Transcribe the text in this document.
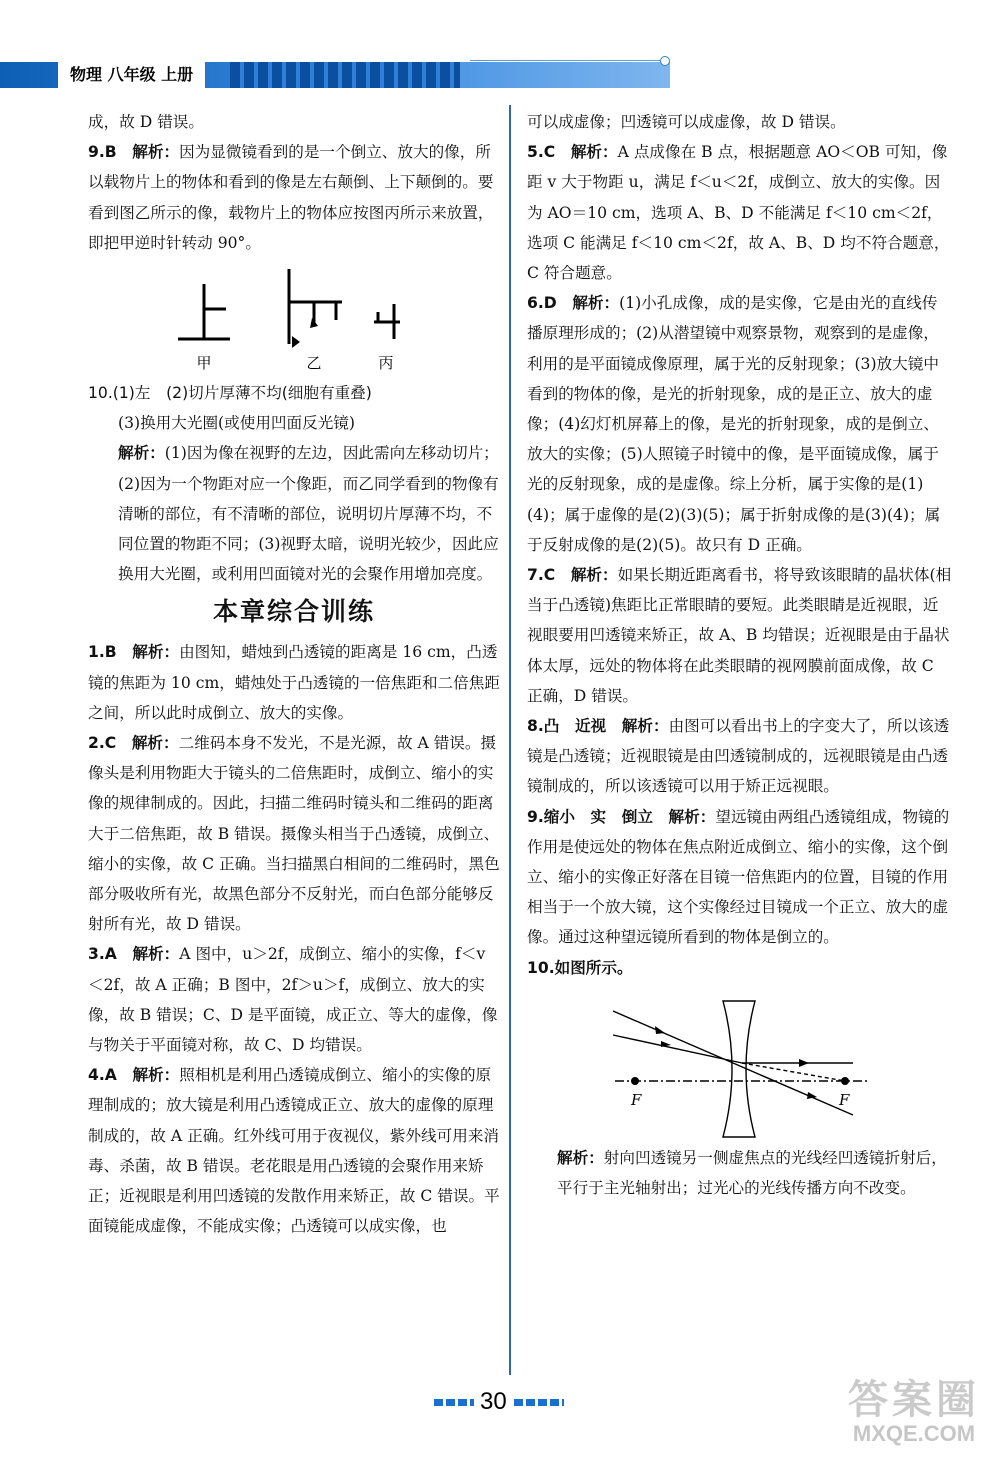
物理 八年级 上册

成，故 D 错误。

9.B　 解析：因为显微镜看到的是一个倒立、放大的像，所以载物片上的物体和看到的像是左右颠倒、上下颠倒的。要看到图乙所示的像，载物片上的物体应按图丙所示来放置，即把甲逆时针转动 90°。

甲	乙	丙

10.(1)左　(2)切片厚薄不均(细胞有重叠)

(3)换用大光圈(或使用凹面反光镜)

解析：(1)因为像在视野的左边，因此需向左移动切片；(2)因为一个物距对应一个像距，而乙同学看到的物像有清晰的部位，有不清晰的部位，说明切片厚薄不均，不同位置的物距不同；(3)视野太暗，说明光较少，因此应换用大光圈，或利用凹面镜对光的会聚作用增加亮度。

本章综合训练

1.B　 解析：由图知，蜡烛到凸透镜的距离是 16 cm，凸透镜的焦距为 10 cm，蜡烛处于凸透镜的一倍焦距和二倍焦距之间，所以此时成倒立、放大的实像。

2.C　 解析：二维码本身不发光，不是光源，故 A 错误。摄像头是利用物距大于镜头的二倍焦距时，成倒立、缩小的实像的规律制成的。因此，扫描二维码时镜头和二维码的距离大于二倍焦距，故 B 错误。摄像头相当于凸透镜，成倒立、缩小的实像，故 C 正确。当扫描黑白相间的二维码时，黑色部分吸收所有光，故黑色部分不反射光，而白色部分能够反射所有光，故 D 错误。

3.A　 解析：A 图中，u＞2f，成倒立、缩小的实像，f＜v＜2f，故 A 正确；B 图中，2f＞u＞f，成倒立、放大的实像，故 B 错误；C、D 是平面镜，成正立、等大的虚像，像与物关于平面镜对称，故 C、D 均错误。

4.A　 解析：照相机是利用凸透镜成倒立、缩小的实像的原理制成的；放大镜是利用凸透镜成正立、放大的虚像的原理制成的，故 A 正确。红外线可用于夜视仪，紫外线可用来消毒、杀菌，故 B 错误。老花眼是用凸透镜的会聚作用来矫正；近视眼是利用凹透镜的发散作用来矫正，故 C 错误。平面镜能成虚像，不能成实像；凸透镜可以成实像，也

可以成虚像；凹透镜可以成虚像，故 D 错误。

5.C　 解析：A 点成像在 B 点，根据题意 AO＜OB 可知，像距 v 大于物距 u，满足 f＜u＜2f，成倒立、放大的实像。因为 AO＝10 cm，选项 A、B、D 不能满足 f＜10 cm＜2f，选项 C 能满足 f＜10 cm＜2f，故 A、B、D 均不符合题意，C 符合题意。

6.D　 解析：(1)小孔成像，成的是实像，它是由光的直线传播原理形成的；(2)从潜望镜中观察景物，观察到的是虚像，利用的是平面镜成像原理，属于光的反射现象；(3)放大镜中看到的物体的像，是光的折射现象，成的是正立、放大的虚像；(4)幻灯机屏幕上的像，是光的折射现象，成的是倒立、放大的实像；(5)人照镜子时镜中的像，是平面镜成像，属于光的反射现象，成的是虚像。综上分析，属于实像的是(1)(4)；属于虚像的是(2)(3)(5)；属于折射成像的是(3)(4)；属于反射成像的是(2)(5)。故只有 D 正确。

7.C　 解析：如果长期近距离看书，将导致该眼睛的晶状体(相当于凸透镜)焦距比正常眼睛的要短。此类眼睛是近视眼，近视眼要用凹透镜来矫正，故 A、B 均错误；近视眼是由于晶状体太厚，远处的物体将在此类眼睛的视网膜前面成像，故 C 正确，D 错误。

8.凸　近视　 解析：由图可以看出书上的字变大了，所以该透镜是凸透镜；近视眼镜是由凹透镜制成的，远视眼镜是由凸透镜制成的，所以该透镜可以用于矫正远视眼。

9.缩小　实　倒立　 解析：望远镜由两组凸透镜组成，物镜的作用是使远处的物体在焦点附近成倒立、缩小的实像，这个倒立、缩小的实像正好落在目镜一倍焦距内的位置，目镜的作用相当于一个放大镜，这个实像经过目镜成一个正立、放大的虚像。通过这种望远镜所看到的物体是倒立的。

10.如图所示。

F	F

解析：射向凹透镜另一侧虚焦点的光线经凹透镜折射后，平行于主光轴射出；过光心的光线传播方向不改变。

30	答案圈
MXQE.COM
